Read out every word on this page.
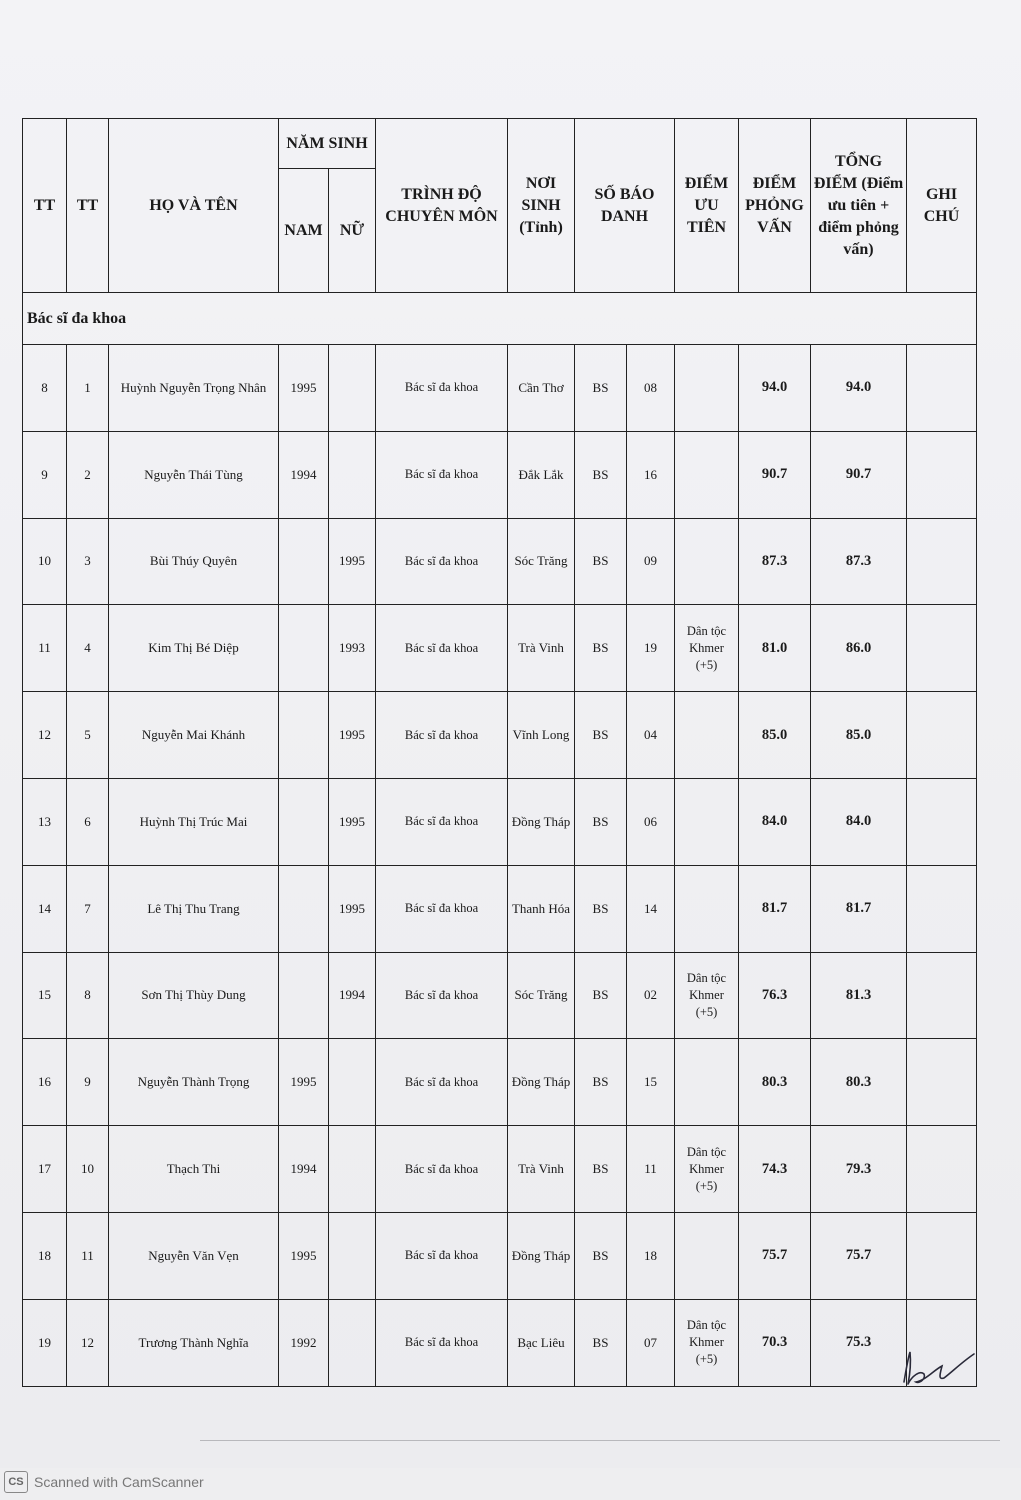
TT	TT	HỌ VÀ TÊN	NĂM SINH		TRÌNH ĐỘ CHUYÊN MÔN	NƠI SINH (Tỉnh)	SỐ BÁO DANH		ĐIỂM ƯU TIÊN	ĐIỂM PHỎNG VẤN	TỔNG ĐIỂM (Điểm ưu tiên + điểm phỏng vấn)	GHI CHÚ
			NAM	NỮ								
Bác sĩ đa khoa												
8	1	Huỳnh Nguyễn Trọng Nhân	1995		Bác sĩ đa khoa	Cần Thơ	BS	08		94.0	94.0	
9	2	Nguyễn Thái Tùng	1994		Bác sĩ đa khoa	Đắk Lắk	BS	16		90.7	90.7	
10	3	Bùi Thúy Quyên		1995	Bác sĩ đa khoa	Sóc Trăng	BS	09		87.3	87.3	
11	4	Kim Thị Bé Diệp		1993	Bác sĩ đa khoa	Trà Vinh	BS	19	Dân tộc Khmer (+5)	81.0	86.0	
12	5	Nguyễn Mai Khánh		1995	Bác sĩ đa khoa	Vĩnh Long	BS	04		85.0	85.0	
13	6	Huỳnh Thị Trúc Mai		1995	Bác sĩ đa khoa	Đồng Tháp	BS	06		84.0	84.0	
14	7	Lê Thị Thu Trang		1995	Bác sĩ đa khoa	Thanh Hóa	BS	14		81.7	81.7	
15	8	Sơn Thị Thùy Dung		1994	Bác sĩ đa khoa	Sóc Trăng	BS	02	Dân tộc Khmer (+5)	76.3	81.3	
16	9	Nguyễn Thành Trọng	1995		Bác sĩ đa khoa	Đồng Tháp	BS	15		80.3	80.3	
17	10	Thạch Thi	1994		Bác sĩ đa khoa	Trà Vinh	BS	11	Dân tộc Khmer (+5)	74.3	79.3	
18	11	Nguyễn Văn Vẹn	1995		Bác sĩ đa khoa	Đồng Tháp	BS	18		75.7	75.7	
19	12	Trương Thành Nghĩa	1992		Bác sĩ đa khoa	Bạc Liêu	BS	07	Dân tộc Khmer (+5)	70.3	75.3	
CS Scanned with CamScanner
